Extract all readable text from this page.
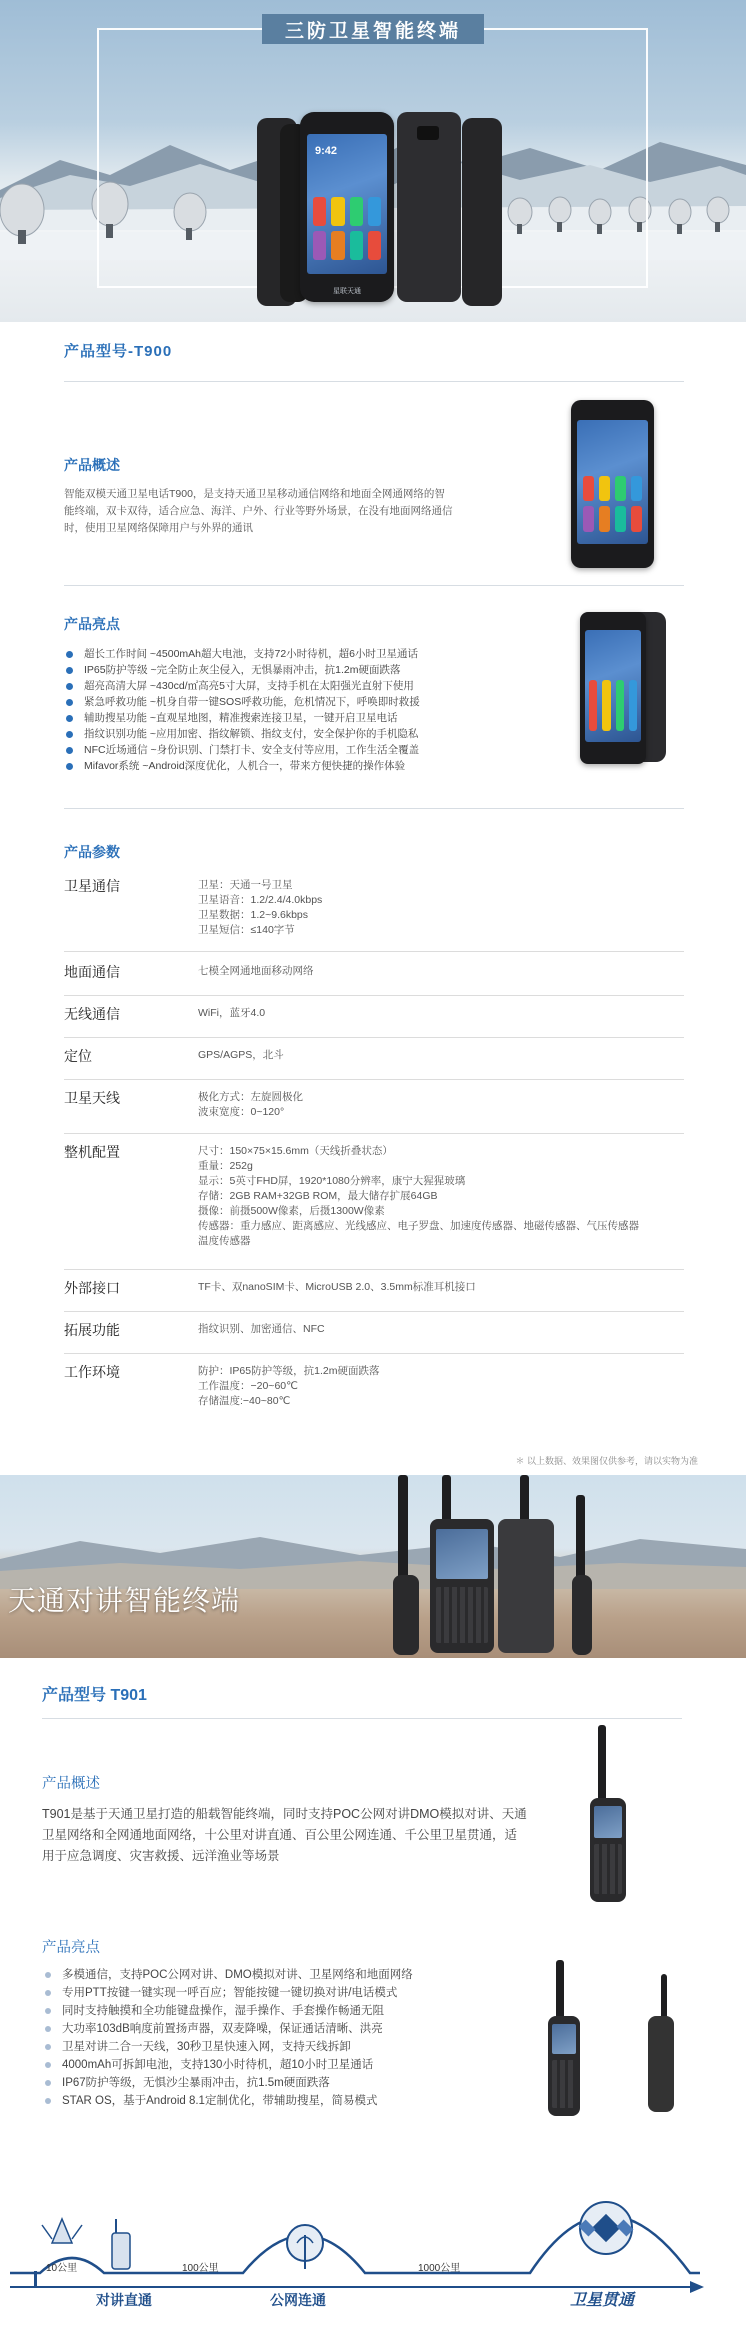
三防卫星智能终端
9:42
星联天通
产品型号-T900
产品概述
智能双模天通卫星电话T900，是支持天通卫星移动通信网络和地面全网通网络的智能终端，双卡双待，适合应急、海洋、户外、行业等野外场景，在没有地面网络通信时，使用卫星网络保障用户与外界的通讯
产品亮点
超长工作时间 ~4500mAh超大电池，支持72小时待机，超6小时卫星通话
IP65防护等级 ~完全防止灰尘侵入，无惧暴雨冲击，抗1.2m硬面跌落
超亮高清大屏 ~430cd/㎡高亮5寸大屏，支持手机在太阳强光直射下使用
紧急呼救功能 ~机身自带一键SOS呼救功能，危机情况下，呼唤即时救援
辅助搜星功能 ~直观星地图，精准搜索连接卫星，一键开启卫星电话
指纹识别功能 ~应用加密、指纹解锁、指纹支付，安全保护你的手机隐私
NFC近场通信 ~身份识别、门禁打卡、安全支付等应用，工作生活全覆盖
Mifavor系统 ~Android深度优化，人机合一，带来方便快捷的操作体验
产品参数
卫星通信	卫星：天通一号卫星
卫星语音：1.2/2.4/4.0kbps
卫星数据：1.2~9.6kbps
卫星短信：≤140字节
地面通信	七模全网通地面移动网络
无线通信	WiFi，蓝牙4.0
定位	GPS/AGPS，北斗
卫星天线	极化方式：左旋圆极化
波束宽度：0~120°
整机配置	尺寸：150×75×15.6mm（天线折叠状态）
重量：252g
显示：5英寸FHD屏，1920*1080分辨率，康宁大猩猩玻璃
存储：2GB RAM+32GB ROM，最大储存扩展64GB
摄像：前摄500W像素，后摄1300W像素
传感器：重力感应、距离感应、光线感应、电子罗盘、加速度传感器、地磁传感器、气压传感器
温度传感器
外部接口	TF卡、双nanoSIM卡、MicroUSB 2.0、3.5mm标准耳机接口
拓展功能	指纹识别、加密通信、NFC
工作环境	防护：IP65防护等级，抗1.2m硬面跌落
工作温度：−20~60℃
存储温度:−40~80℃
＊ 以上数据、效果图仅供参考，请以实物为准
天通对讲智能终端
产品型号 T901
产品概述
T901是基于天通卫星打造的船载智能终端，同时支持POC公网对讲DMO模拟对讲、天通卫星网络和全网通地面网络，十公里对讲直通、百公里公网连通、千公里卫星贯通，适用于应急调度、灾害救援、远洋渔业等场景
产品亮点
多模通信，支持POC公网对讲、DMO模拟对讲、卫星网络和地面网络
专用PTT按键一键实现一呼百应；智能按键一键切换对讲/电话模式
同时支持触摸和全功能键盘操作，湿手操作、手套操作畅通无阻
大功率103dB响度前置扬声器，双麦降噪，保证通话清晰、洪亮
卫星对讲二合一天线，30秒卫星快速入网，支持天线拆卸
4000mAh可拆卸电池，支持130小时待机，超10小时卫星通话
IP67防护等级，无惧沙尘暴雨冲击，抗1.5m硬面跌落
STAR OS，基于Android 8.1定制优化，带辅助搜星，简易模式
10公里	100公里	1000公里
对讲直通	公网连通	卫星贯通
